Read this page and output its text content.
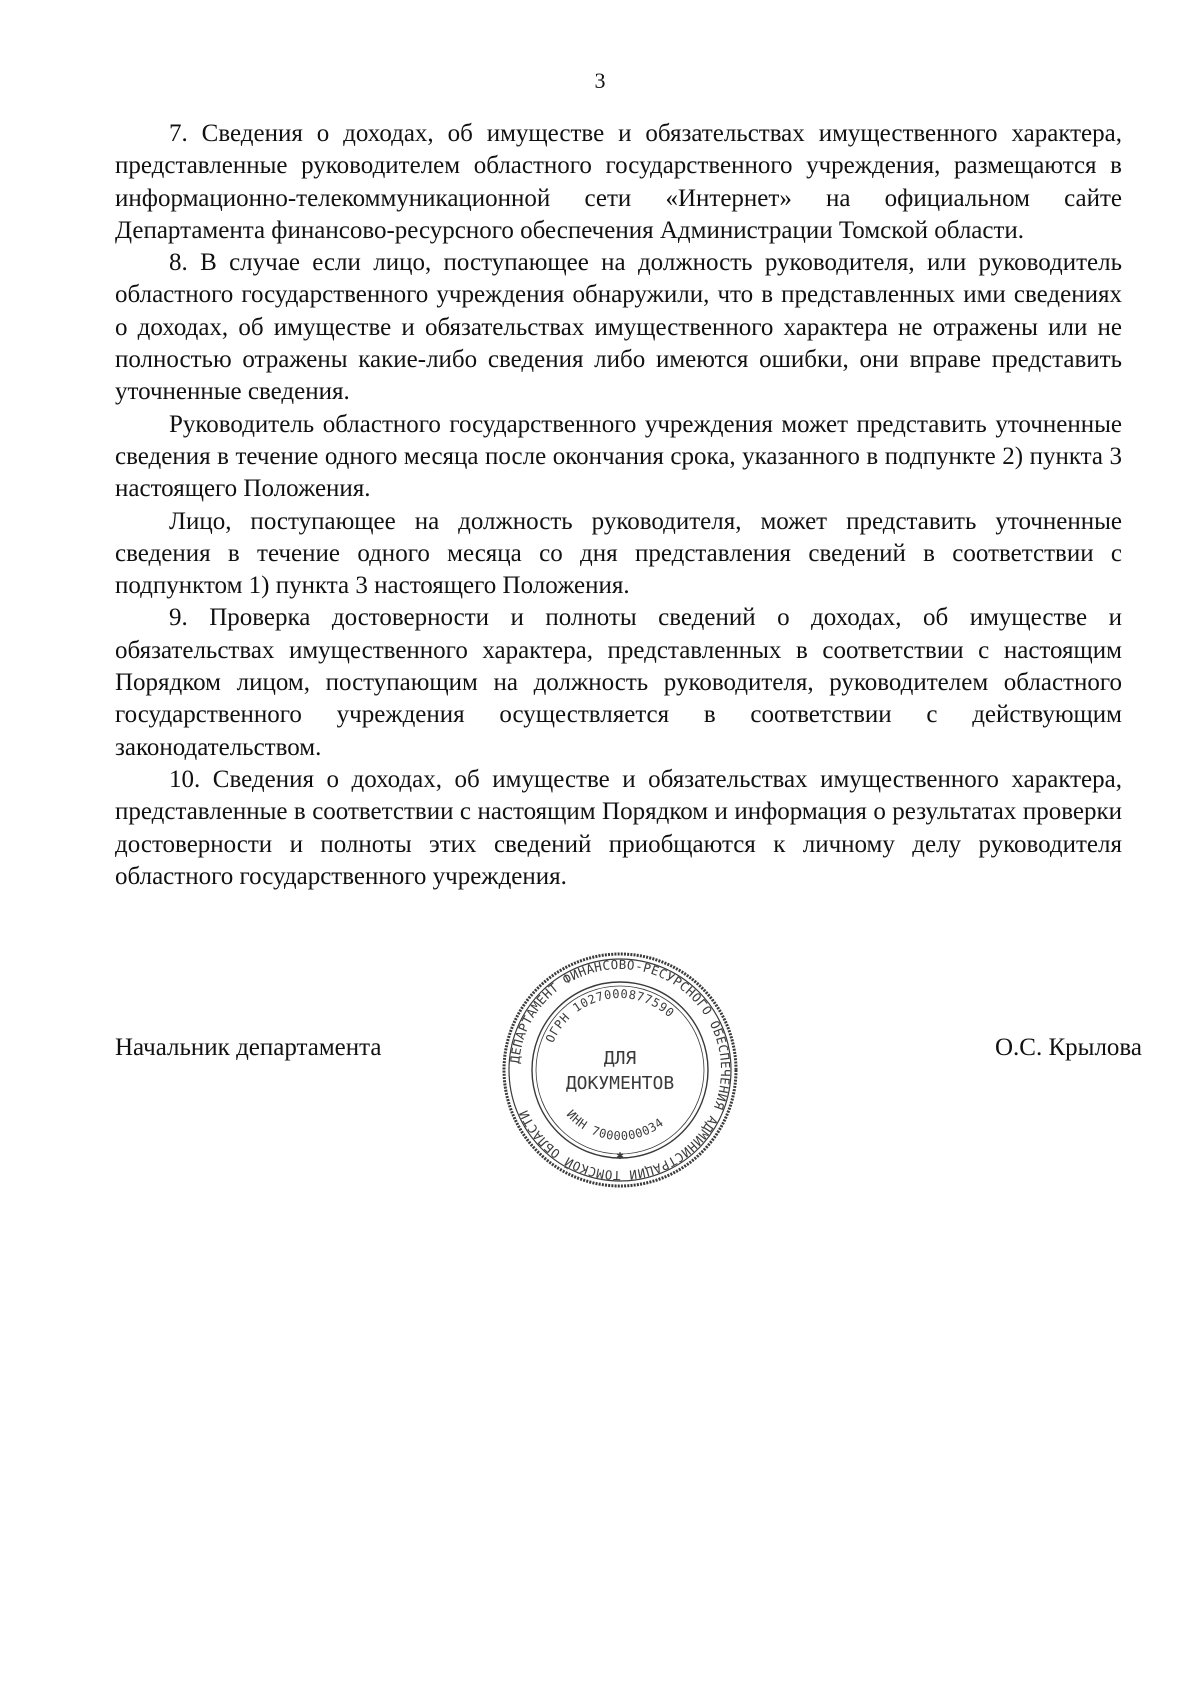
3

7. Сведения о доходах, об имуществе и обязательствах имущественного характера, представленные руководителем областного государственного учреждения, размещаются в информационно-телекоммуникационной сети «Интернет» на официальном сайте Департамента финансово-ресурсного обеспечения Администрации Томской области.

8. В случае если лицо, поступающее на должность руководителя, или руководитель областного государственного учреждения обнаружили, что в представленных ими сведениях о доходах, об имуществе и обязательствах имущественного характера не отражены или не полностью отражены какие-либо сведения либо имеются ошибки, они вправе представить уточненные сведения.

Руководитель областного государственного учреждения может представить уточненные сведения в течение одного месяца после окончания срока, указанного в подпункте 2) пункта 3 настоящего Положения.

Лицо, поступающее на должность руководителя, может представить уточненные сведения в течение одного месяца со дня представления сведений в соответствии с подпунктом 1) пункта 3 настоящего Положения.

9. Проверка достоверности и полноты сведений о доходах, об имуществе и обязательствах имущественного характера, представленных в соответствии с настоящим Порядком лицом, поступающим на должность руководителя, руководителем областного государственного учреждения осуществляется в соответствии с действующим законодательством.

10. Сведения о доходах, об имуществе и обязательствах имущественного характера, представленные в соответствии с настоящим Порядком и информация о результатах проверки достоверности и полноты этих сведений приобщаются к личному делу руководителя областного государственного учреждения.

Начальник департамента	О.С. Крылова
ДЕПАРТАМЕНТ ФИНАНСОВО-РЕСУРСНОГО ОБЕСПЕЧЕНИЯ АДМИНИСТРАЦИИ ТОМСКОЙ ОБЛАСТИ
ОГРН 1027000877590
ИНН 7000000034
ДЛЯ
ДОКУМЕНТОВ
✱
